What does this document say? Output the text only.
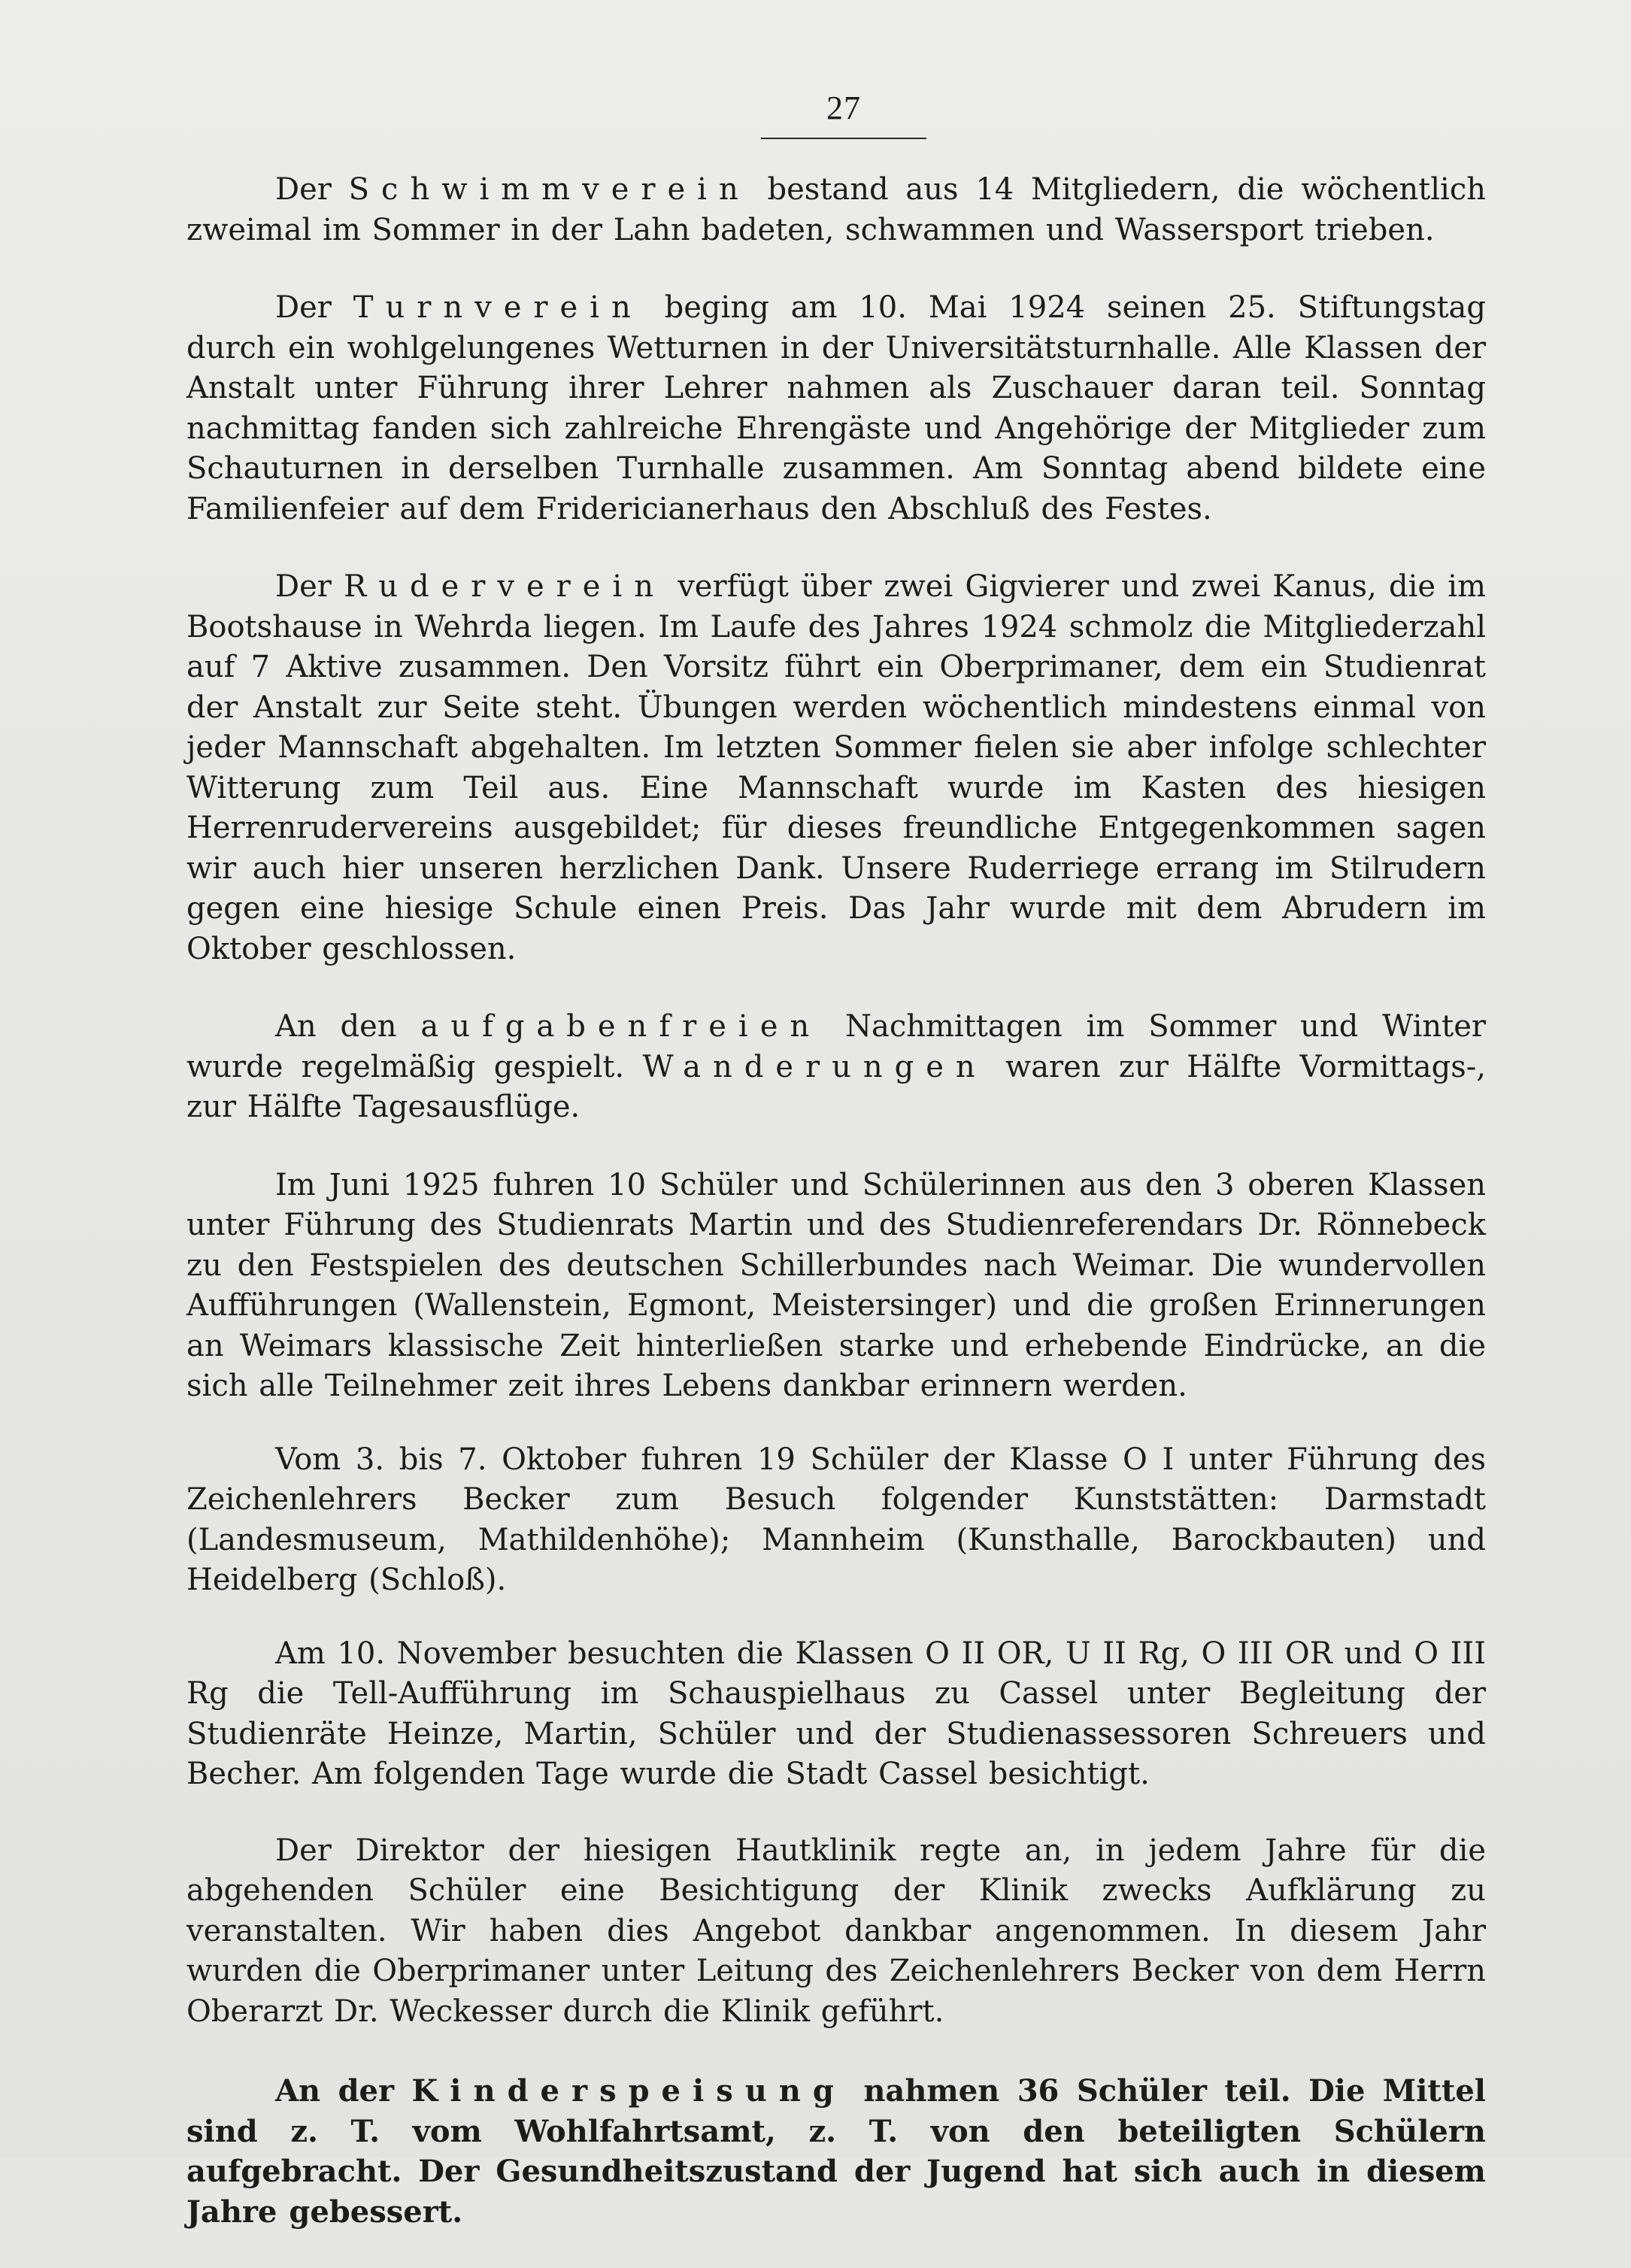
27

Der Schwimmverein bestand aus 14 Mitgliedern, die wöchentlich zweimal im Sommer in der Lahn badeten, schwammen und Wassersport trieben.

Der Turnverein beging am 10. Mai 1924 seinen 25. Stiftungstag durch ein wohlgelungenes Wetturnen in der Universitätsturnhalle. Alle Klassen der Anstalt unter Führung ihrer Lehrer nahmen als Zuschauer daran teil. Sonntag nachmittag fanden sich zahlreiche Ehrengäste und Angehörige der Mitglieder zum Schauturnen in derselben Turnhalle zusammen. Am Sonntag abend bildete eine Familienfeier auf dem Fridericianerhaus den Abschluß des Festes.

Der Ruderverein verfügt über zwei Gigvierer und zwei Kanus, die im Bootshause in Wehrda liegen. Im Laufe des Jahres 1924 schmolz die Mitgliederzahl auf 7 Aktive zusammen. Den Vorsitz führt ein Oberprimaner, dem ein Studienrat der Anstalt zur Seite steht. Übungen werden wöchentlich mindestens einmal von jeder Mannschaft abgehalten. Im letzten Sommer fielen sie aber infolge schlechter Witterung zum Teil aus. Eine Mannschaft wurde im Kasten des hiesigen Herrenrudervereins ausgebildet; für dieses freundliche Entgegenkommen sagen wir auch hier unseren herzlichen Dank. Unsere Ruderriege errang im Stilrudern gegen eine hiesige Schule einen Preis. Das Jahr wurde mit dem Abrudern im Oktober geschlossen.

An den aufgabenfreien Nachmittagen im Sommer und Winter wurde regelmäßig gespielt. Wanderungen waren zur Hälfte Vormittags-, zur Hälfte Tagesausflüge.

Im Juni 1925 fuhren 10 Schüler und Schülerinnen aus den 3 oberen Klassen unter Führung des Studienrats Martin und des Studienreferendars Dr. Rönnebeck zu den Festspielen des deutschen Schillerbundes nach Weimar. Die wundervollen Aufführungen (Wallenstein, Egmont, Meistersinger) und die großen Erinnerungen an Weimars klassische Zeit hinterließen starke und erhebende Eindrücke, an die sich alle Teilnehmer zeit ihres Lebens dankbar erinnern werden.

Vom 3. bis 7. Oktober fuhren 19 Schüler der Klasse O I unter Führung des Zeichenlehrers Becker zum Besuch folgender Kunststätten: Darmstadt (Landesmuseum, Mathildenhöhe); Mannheim (Kunsthalle, Barockbauten) und Heidelberg (Schloß).

Am 10. November besuchten die Klassen O II OR, U II Rg, O III OR und O III Rg die Tell-Aufführung im Schauspielhaus zu Cassel unter Begleitung der Studienräte Heinze, Martin, Schüler und der Studienassessoren Schreuers und Becher. Am folgenden Tage wurde die Stadt Cassel besichtigt.

Der Direktor der hiesigen Hautklinik regte an, in jedem Jahre für die abgehenden Schüler eine Besichtigung der Klinik zwecks Aufklärung zu veranstalten. Wir haben dies Angebot dankbar angenommen. In diesem Jahr wurden die Oberprimaner unter Leitung des Zeichenlehrers Becker von dem Herrn Oberarzt Dr. Weckesser durch die Klinik geführt.

An der Kinderspeisung nahmen 36 Schüler teil. Die Mittel sind z. T. vom Wohlfahrtsamt, z. T. von den beteiligten Schülern aufgebracht. Der Gesundheitszustand der Jugend hat sich auch in diesem Jahre gebessert.
